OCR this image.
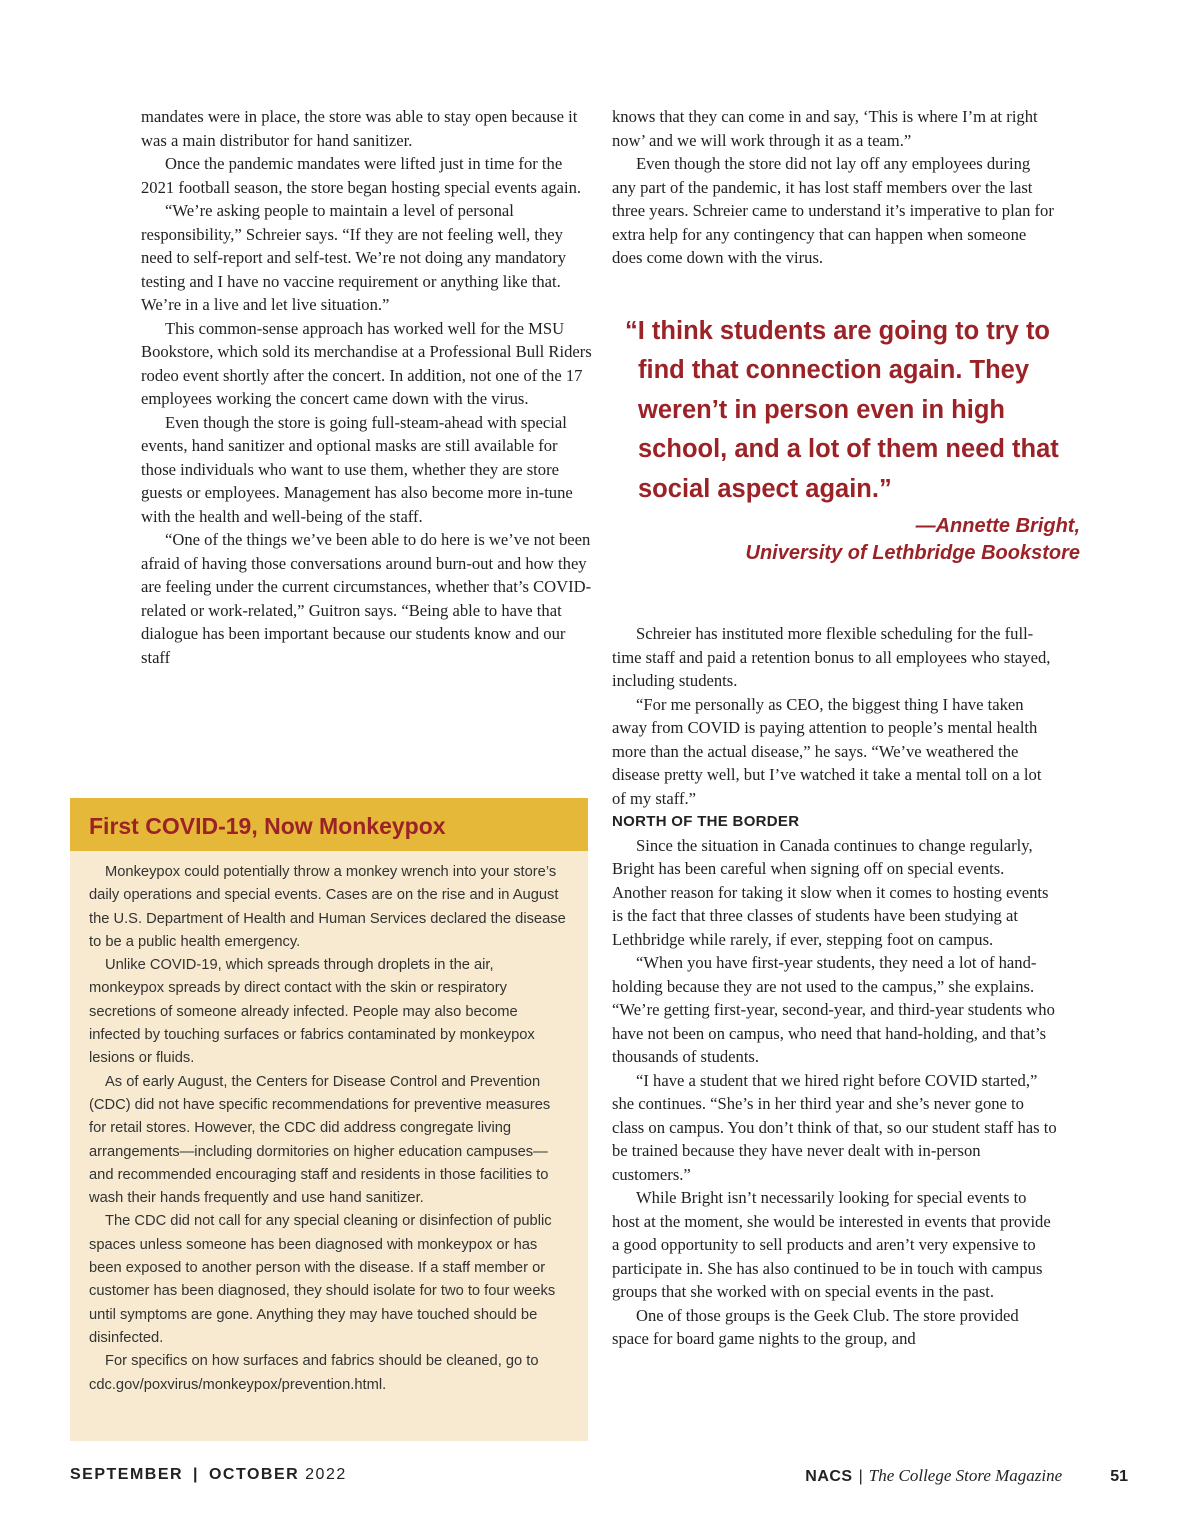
mandates were in place, the store was able to stay open because it was a main distributor for hand sanitizer.

Once the pandemic mandates were lifted just in time for the 2021 football season, the store began hosting special events again.

“We’re asking people to maintain a level of personal responsibility,” Schreier says. “If they are not feeling well, they need to self-report and self-test. We’re not doing any mandatory testing and I have no vaccine requirement or anything like that. We’re in a live and let live situation.”

This common-sense approach has worked well for the MSU Bookstore, which sold its merchandise at a Professional Bull Riders rodeo event shortly after the concert. In addition, not one of the 17 employees working the concert came down with the virus.

Even though the store is going full-steam-ahead with special events, hand sanitizer and optional masks are still available for those individuals who want to use them, whether they are store guests or employees. Management has also become more in-tune with the health and well-being of the staff.

“One of the things we’ve been able to do here is we’ve not been afraid of having those conversations around burn-out and how they are feeling under the current circumstances, whether that’s COVID-related or work-related,” Guitron says. “Being able to have that dialogue has been important because our students know and our staff

knows that they can come in and say, ‘This is where I’m at right now’ and we will work through it as a team.”

Even though the store did not lay off any employees during any part of the pandemic, it has lost staff members over the last three years. Schreier came to understand it’s imperative to plan for extra help for any contingency that can happen when someone does come down with the virus.

“I think students are going to try to find that connection again. They weren’t in person even in high school, and a lot of them need that social aspect again.”

—Annette Bright,
University of Lethbridge Bookstore

Schreier has instituted more flexible scheduling for the full-time staff and paid a retention bonus to all employees who stayed, including students.

“For me personally as CEO, the biggest thing I have taken away from COVID is paying attention to people’s mental health more than the actual disease,” he says. “We’ve weathered the disease pretty well, but I’ve watched it take a mental toll on a lot of my staff.”

NORTH OF THE BORDER

Since the situation in Canada continues to change regularly, Bright has been careful when signing off on special events. Another reason for taking it slow when it comes to hosting events is the fact that three classes of students have been studying at Lethbridge while rarely, if ever, stepping foot on campus.

“When you have first-year students, they need a lot of hand-holding because they are not used to the campus,” she explains. “We’re getting first-year, second-year, and third-year students who have not been on campus, who need that hand-holding, and that’s thousands of students.

“I have a student that we hired right before COVID started,” she continues. “She’s in her third year and she’s never gone to class on campus. You don’t think of that, so our student staff has to be trained because they have never dealt with in-person customers.”

While Bright isn’t necessarily looking for special events to host at the moment, she would be interested in events that provide a good opportunity to sell products and aren’t very expensive to participate in. She has also continued to be in touch with campus groups that she worked with on special events in the past.

One of those groups is the Geek Club. The store provided space for board game nights to the group, and

First COVID-19, Now Monkeypox

Monkeypox could potentially throw a monkey wrench into your store’s daily operations and special events. Cases are on the rise and in August the U.S. Department of Health and Human Services declared the disease to be a public health emergency.

Unlike COVID-19, which spreads through droplets in the air, monkeypox spreads by direct contact with the skin or respiratory secretions of someone already infected. People may also become infected by touching surfaces or fabrics contaminated by monkeypox lesions or fluids.

As of early August, the Centers for Disease Control and Prevention (CDC) did not have specific recommendations for preventive measures for retail stores. However, the CDC did address congregate living arrangements—including dormitories on higher education campuses—and recommended encouraging staff and residents in those facilities to wash their hands frequently and use hand sanitizer.

The CDC did not call for any special cleaning or disinfection of public spaces unless someone has been diagnosed with monkeypox or has been exposed to another person with the disease. If a staff member or customer has been diagnosed, they should isolate for two to four weeks until symptoms are gone. Anything they may have touched should be disinfected.

For specifics on how surfaces and fabrics should be cleaned, go to cdc.gov/poxvirus/monkeypox/prevention.html.

SEPTEMBER | OCTOBER 2022	NACS | The College Store Magazine	51
